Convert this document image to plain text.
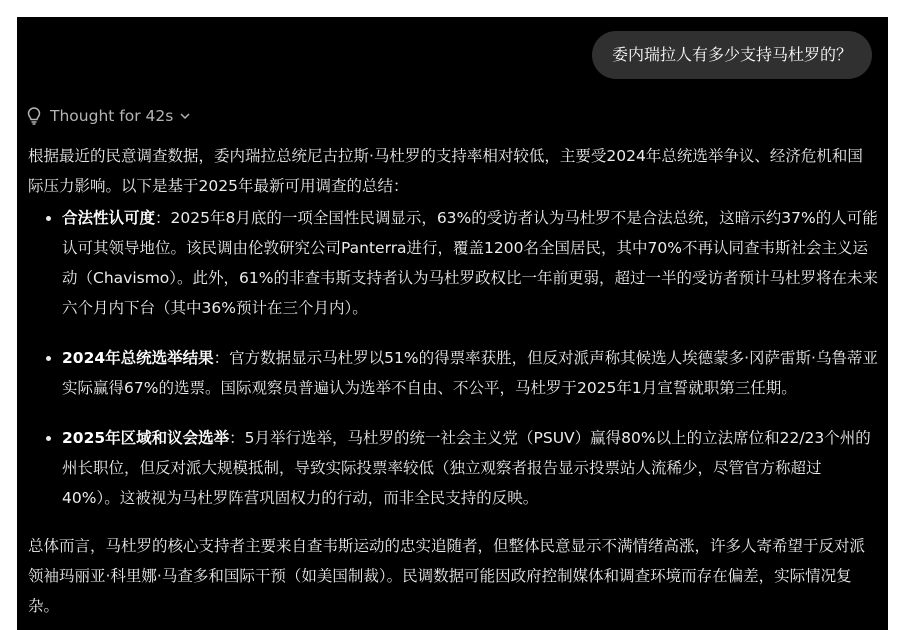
委内瑞拉人有多少支持马杜罗的？
Thought for 42s

根据最近的民意调查数据，委内瑞拉总统尼古拉斯·马杜罗的支持率相对较低，主要受2024年总统选举争议、经济危机和国际压力影响。以下是基于2025年最新可用调查的总结：

• 合法性认可度：2025年8月底的一项全国性民调显示，63%的受访者认为马杜罗不是合法总统，这暗示约37%的人可能认可其领导地位。该民调由伦敦研究公司Panterra进行，覆盖1200名全国居民，其中70%不再认同查韦斯社会主义运动（Chavismo）。此外，61%的非查韦斯支持者认为马杜罗政权比一年前更弱，超过一半的受访者预计马杜罗将在未来六个月内下台（其中36%预计在三个月内）。
• 2024年总统选举结果：官方数据显示马杜罗以51%的得票率获胜，但反对派声称其候选人埃德蒙多·冈萨雷斯·乌鲁蒂亚实际赢得67%的选票。国际观察员普遍认为选举不自由、不公平，马杜罗于2025年1月宣誓就职第三任期。
• 2025年区域和议会选举：5月举行选举，马杜罗的统一社会主义党（PSUV）赢得80%以上的立法席位和22/23个州的州长职位，但反对派大规模抵制，导致实际投票率较低（独立观察者报告显示投票站人流稀少，尽管官方称超过40%）。这被视为马杜罗阵营巩固权力的行动，而非全民支持的反映。

总体而言，马杜罗的核心支持者主要来自查韦斯运动的忠实追随者，但整体民意显示不满情绪高涨，许多人寄希望于反对派领袖玛丽亚·科里娜·马查多和国际干预（如美国制裁）。民调数据可能因政府控制媒体和调查环境而存在偏差，实际情况复杂。
